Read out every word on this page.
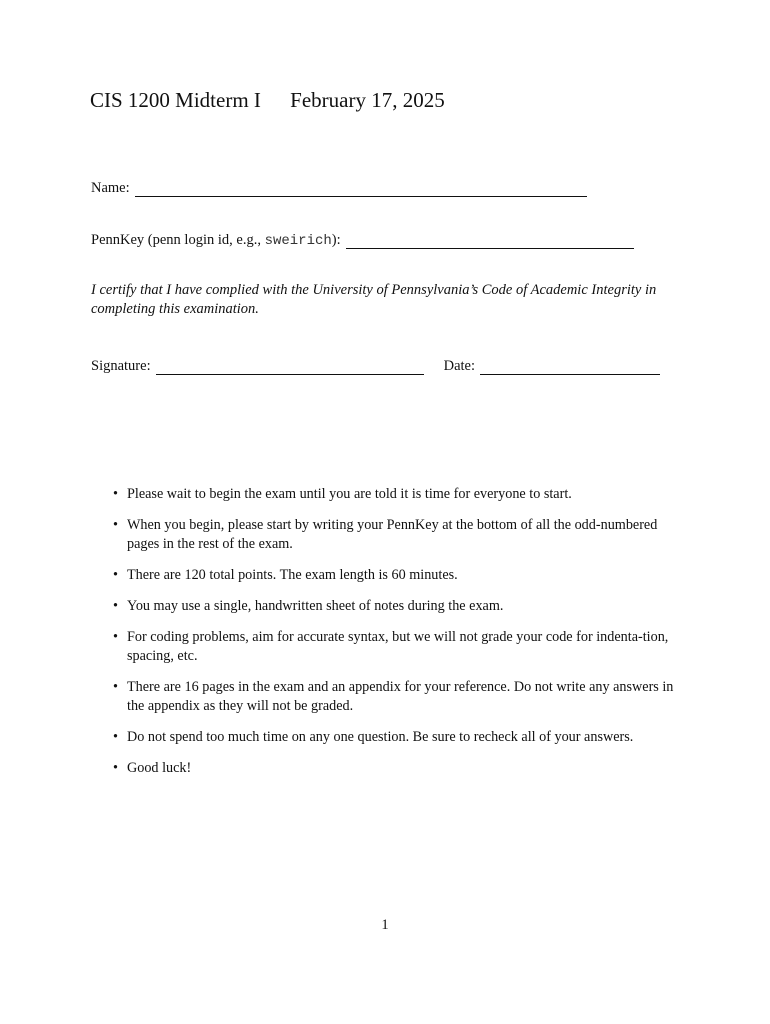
CIS 1200 Midterm I February 17, 2025
Name:
PennKey (penn login id, e.g., sweirich ):
I certify that I have complied with the University of Pennsylvania’s Code of Academic Integrity in completing this examination.
Signature:	Date:
• Please wait to begin the exam until you are told it is time for everyone to start.
• When you begin, please start by writing your PennKey at the bottom of all the odd-numbered pages in the rest of the exam.
• There are 120 total points. The exam length is 60 minutes.
• You may use a single, handwritten sheet of notes during the exam.
• For coding problems, aim for accurate syntax, but we will not grade your code for indenta-tion, spacing, etc.
• There are 16 pages in the exam and an appendix for your reference. Do not write any answers in the appendix as they will not be graded.
• Do not spend too much time on any one question. Be sure to recheck all of your answers.
• Good luck!
1
